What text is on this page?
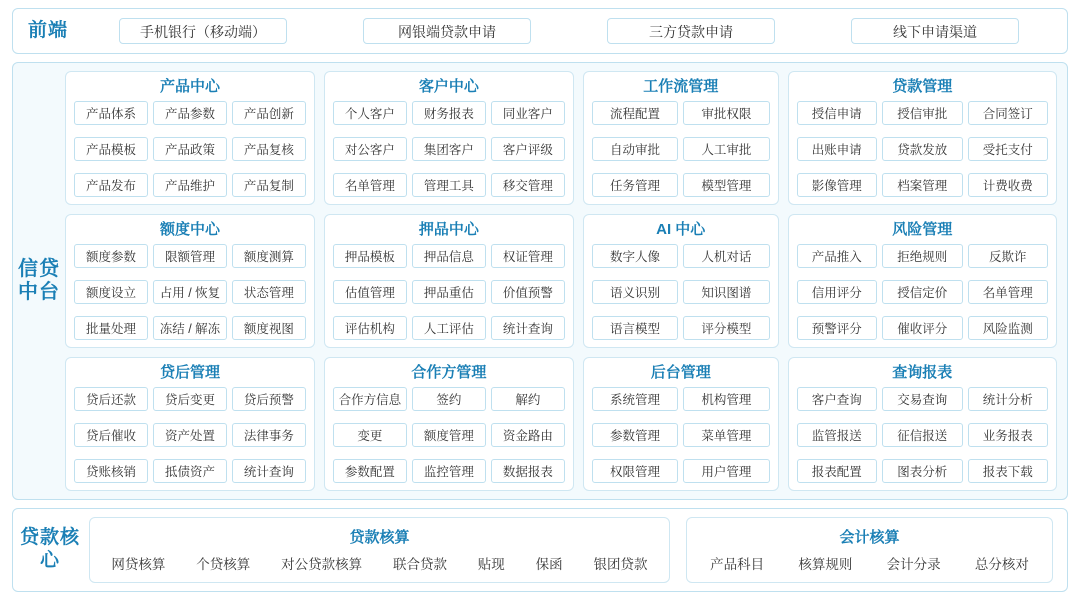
前端	手机银行（移动端）	网银端贷款申请	三方贷款申请	线下申请渠道
信贷中台
产品中心
产品体系	产品参数	产品创新
产品模板	产品政策	产品复核
产品发布	产品维护	产品复制
客户中心
个人客户	财务报表	同业客户
对公客户	集团客户	客户评级
名单管理	管理工具	移交管理
工作流管理
流程配置	审批权限
自动审批	人工审批
任务管理	模型管理
贷款管理
授信申请	授信审批	合同签订
出账申请	贷款发放	受托支付
影像管理	档案管理	计费收费
额度中心
额度参数	限额管理	额度测算
额度设立	占用 / 恢复	状态管理
批量处理	冻结 / 解冻	额度视图
押品中心
押品模板	押品信息	权证管理
估值管理	押品重估	价值预警
评估机构	人工评估	统计查询
AI 中心
数字人像	人机对话
语义识别	知识图谱
语言模型	评分模型
风险管理
产品推入	拒绝规则	反欺诈
信用评分	授信定价	名单管理
预警评分	催收评分	风险监测
贷后管理
贷后还款	贷后变更	贷后预警
贷后催收	资产处置	法律事务
贷账核销	抵债资产	统计查询
合作方管理
合作方信息	签约	解约
变更	额度管理	资金路由
参数配置	监控管理	数据报表
后台管理
系统管理	机构管理
参数管理	菜单管理
权限管理	用户管理
查询报表
客户查询	交易查询	统计分析
监管报送	征信报送	业务报表
报表配置	图表分析	报表下载
贷款核心
贷款核算
网贷核算 个贷核算 对公贷款核算 联合贷款 贴现 保函 银团贷款
会计核算
产品科目	核算规则	会计分录	总分核对
